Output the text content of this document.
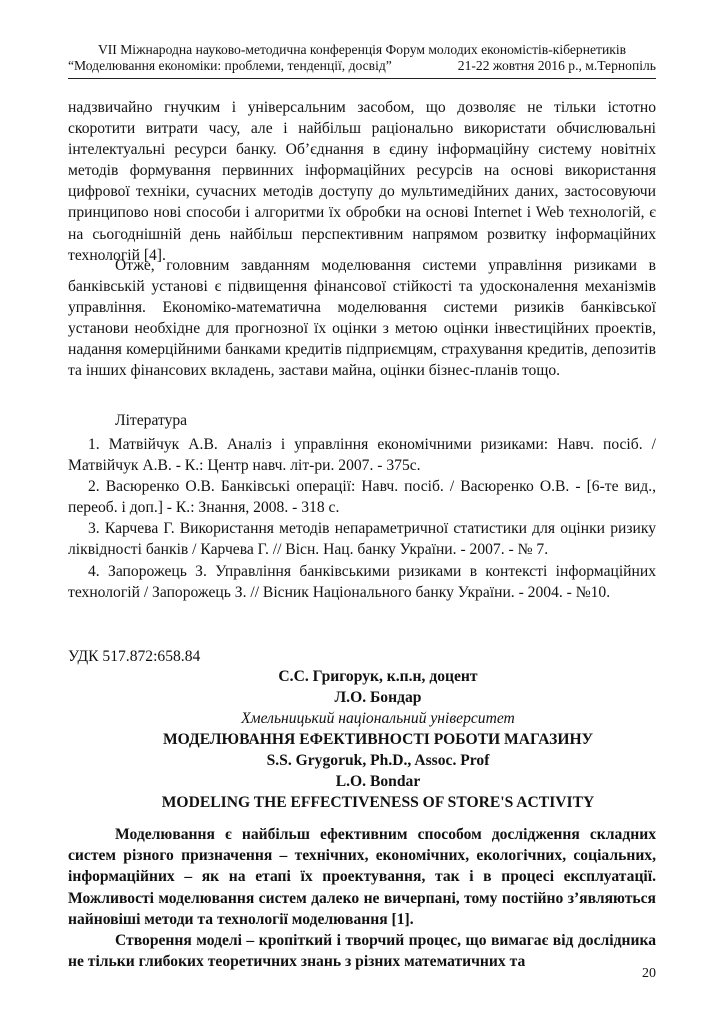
VII Міжнародна науково-методична конференція Форум молодих економістів-кібернетиків
“Моделювання економіки: проблеми, тенденції, досвід”	21-22 жовтня 2016 р., м.Тернопіль

надзвичайно гнучким і універсальним засобом, що дозволяє не тільки істотно скоротити витрати часу, але і найбільш раціонально використати обчислювальні інтелектуальні ресурси банку. Об’єднання в єдину інформаційну систему новітніх методів формування первинних інформаційних ресурсів на основі використання цифрової техніки, сучасних методів доступу до мультимедійних даних, застосовуючи принципово нові способи і алгоритми їх обробки на основі Internet і Web технологій, є на сьогоднішній день найбільш перспективним напрямом розвитку інформаційних технологій [4].

Отже, головним завданням моделювання системи управління ризиками в банківській установі є підвищення фінансової стійкості та удосконалення механізмів управління. Економіко-математична моделювання системи ризиків банківської установи необхідне для прогнозної їх оцінки з метою оцінки інвестиційних проектів, надання комерційними банками кредитів підприємцям, страхування кредитів, депозитів та інших фінансових вкладень, застави майна, оцінки бізнес-планів тощо.

Література

1. Матвійчук А.В. Аналіз і управління економічними ризиками: Навч. посіб. / Матвійчук А.В. - К.: Центр навч. літ-ри. 2007. - 375с.

2. Васюренко О.В. Банківські операції: Навч. посіб. / Васюренко О.В. - [6-те вид., переоб. і доп.] - К.: Знання, 2008. - 318 с.

3. Карчева Г. Використання методів непараметричної статистики для оцінки ризику ліквідності банків / Карчева Г. // Вісн. Нац. банку України. - 2007. - № 7.

4. Запорожець З. Управління банківськими ризиками в контексті інформаційних технологій / Запорожець З. // Вісник Національного банку України. - 2004. - №10.

УДК 517.872:658.84
С.С. Григорук, к.п.н, доцент
Л.О. Бондар
Хмельницький національний університет
МОДЕЛЮВАННЯ ЕФЕКТИВНОСТІ РОБОТИ МАГАЗИНУ
S.S. Grygoruk, Ph.D., Assoc. Prof
L.O. Bondar
MODELING THE EFFECTIVENESS OF STORE'S ACTIVITY

Моделювання є найбільш ефективним способом дослідження складних систем різного призначення – технічних, економічних, екологічних, соціальних, інформаційних – як на етапі їх проектування, так і в процесі експлуатації. Можливості моделювання систем далеко не вичерпані, тому постійно з’являються найновіші методи та технології моделювання [1].

Створення моделі – кропіткий і творчий процес, що вимагає від дослідника не тільки глибоких теоретичних знань з різних математичних та

20
